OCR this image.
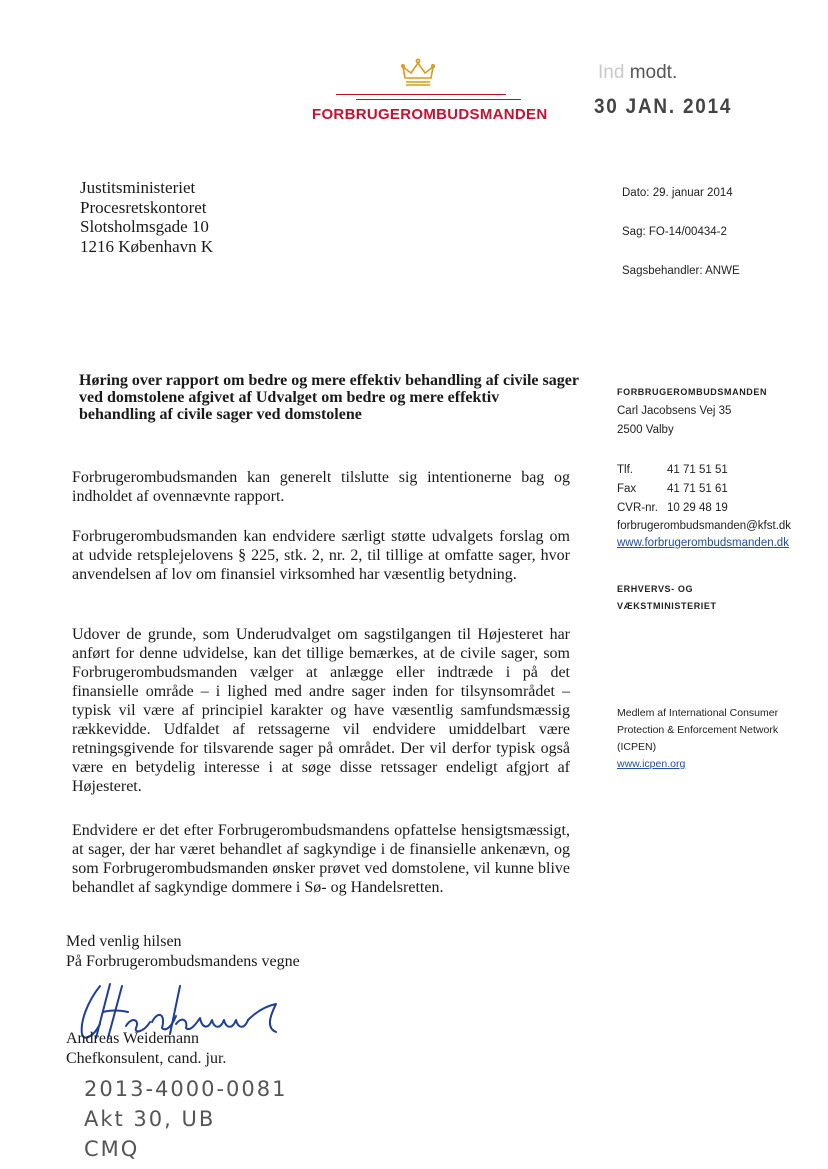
FORBRUGEROMBUDSMANDEN
Ind modt.
30 JAN. 2014
Justitsministeriet
Procesretskontoret
Slotsholmsgade 10
1216 København K
Dato: 29. januar 2014
Sag: FO-14/00434-2
Sagsbehandler: ANWE
Høring over rapport om bedre og mere effektiv behandling af civile sager ved domstolene afgivet af Udvalget om bedre og mere effektiv behandling af civile sager ved domstolene
FORBRUGEROMBUDSMANDEN
Carl Jacobsens Vej 35
2500 Valby
Tlf.	41 71 51 51
Fax	41 71 51 61
CVR-nr. 10 29 48 19
forbrugerombudsmanden@kfst.dk
www.forbrugerombudsmanden.dk
ERHVERVS- OG
VÆKSTMINISTERIET
Medlem af International Consumer
Protection & Enforcement Network
(ICPEN)
www.icpen.org

Forbrugerombudsmanden kan generelt tilslutte sig intentionerne bag og indholdet af ovennævnte rapport.

Forbrugerombudsmanden kan endvidere særligt støtte udvalgets forslag om at udvide retsplejelovens § 225, stk. 2, nr. 2, til tillige at omfatte sager, hvor anvendelsen af lov om finansiel virksomhed har væsentlig betydning.

Udover de grunde, som Underudvalget om sagstilgangen til Højesteret har anført for denne udvidelse, kan det tillige bemærkes, at de civile sager, som Forbrugerombudsmanden vælger at anlægge eller indtræde i på det finansielle område – i lighed med andre sager inden for tilsynsområdet – typisk vil være af principiel karakter og have væsentlig samfundsmæssig rækkevidde. Udfaldet af retssagerne vil endvidere umiddelbart være retningsgivende for tilsvarende sager på området. Der vil derfor typisk også være en betydelig interesse i at søge disse retssager endeligt afgjort af Højesteret.

Endvidere er det efter Forbrugerombudsmandens opfattelse hensigtsmæssigt, at sager, der har været behandlet af sagkyndige i de finansielle ankenævn, og som Forbrugerombudsmanden ønsker prøvet ved domstolene, vil kunne blive behandlet af sagkyndige dommere i Sø- og Handelsretten.

Med venlig hilsen
På Forbrugerombudsmandens vegne
Andreas Weidemann
Chefkonsulent, cand. jur.
2013-4000-0081
Akt 30, UB
CMQ
